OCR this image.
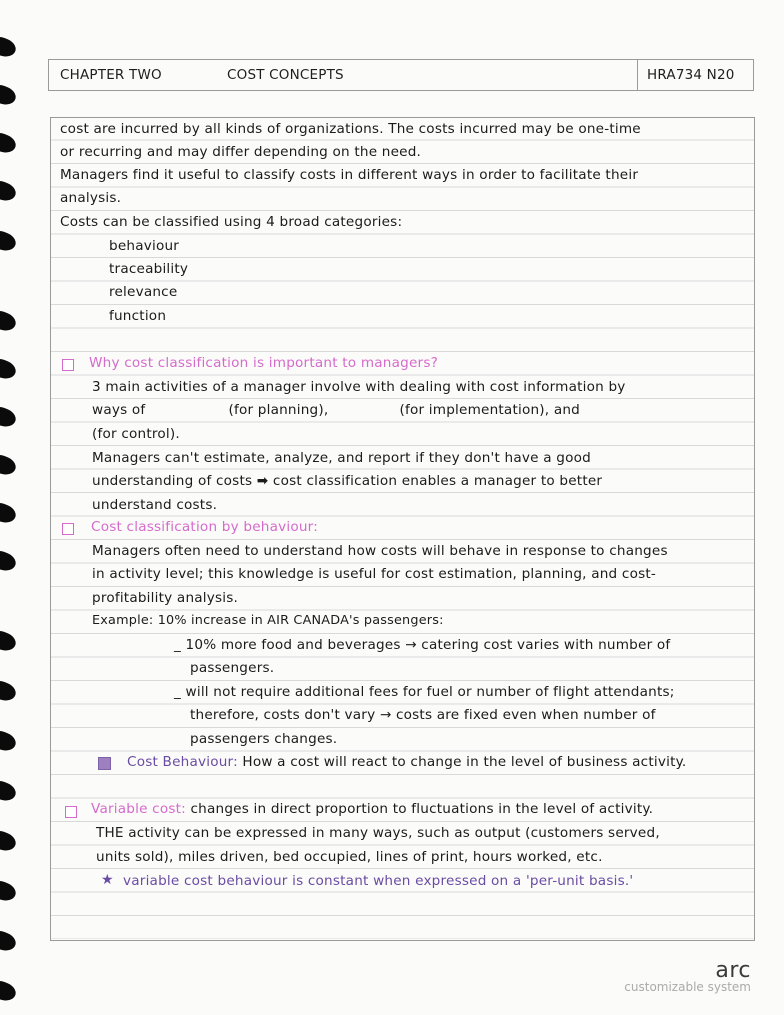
CHAPTER TWO	COST CONCEPTS	HRA734 N20
cost are incurred by all kinds of organizations. The costs incurred may be one-time
or recurring and may differ depending on the need.
Managers find it useful to classify costs in different ways in order to facilitate their
analysis.
Costs can be classified using 4 broad categories:
behaviour
traceability
relevance
function
Why cost classification is important to managers?
3 main activities of a manager involve with dealing with cost information by
ways of	(for planning),	(for implementation), and
(for control).
Managers can't estimate, analyze, and report if they don't have a good
understanding of costs ➡ cost classification enables a manager to better
understand costs.
Cost classification by behaviour:
Managers often need to understand how costs will behave in response to changes
in activity level; this knowledge is useful for cost estimation, planning, and cost-
profitability analysis.
Example: 10% increase in AIR CANADA's passengers:
_ 10% more food and beverages → catering cost varies with number of
passengers.
_ will not require additional fees for fuel or number of flight attendants;
therefore, costs don't vary → costs are fixed even when number of
passengers changes.
Cost Behaviour: How a cost will react to change in the level of business activity.
Variable cost: changes in direct proportion to fluctuations in the level of activity.
THE activity can be expressed in many ways, such as output (customers served,
units sold), miles driven, bed occupied, lines of print, hours worked, etc.
★ variable cost behaviour is constant when expressed on a 'per-unit basis.'
arc
customizable system
